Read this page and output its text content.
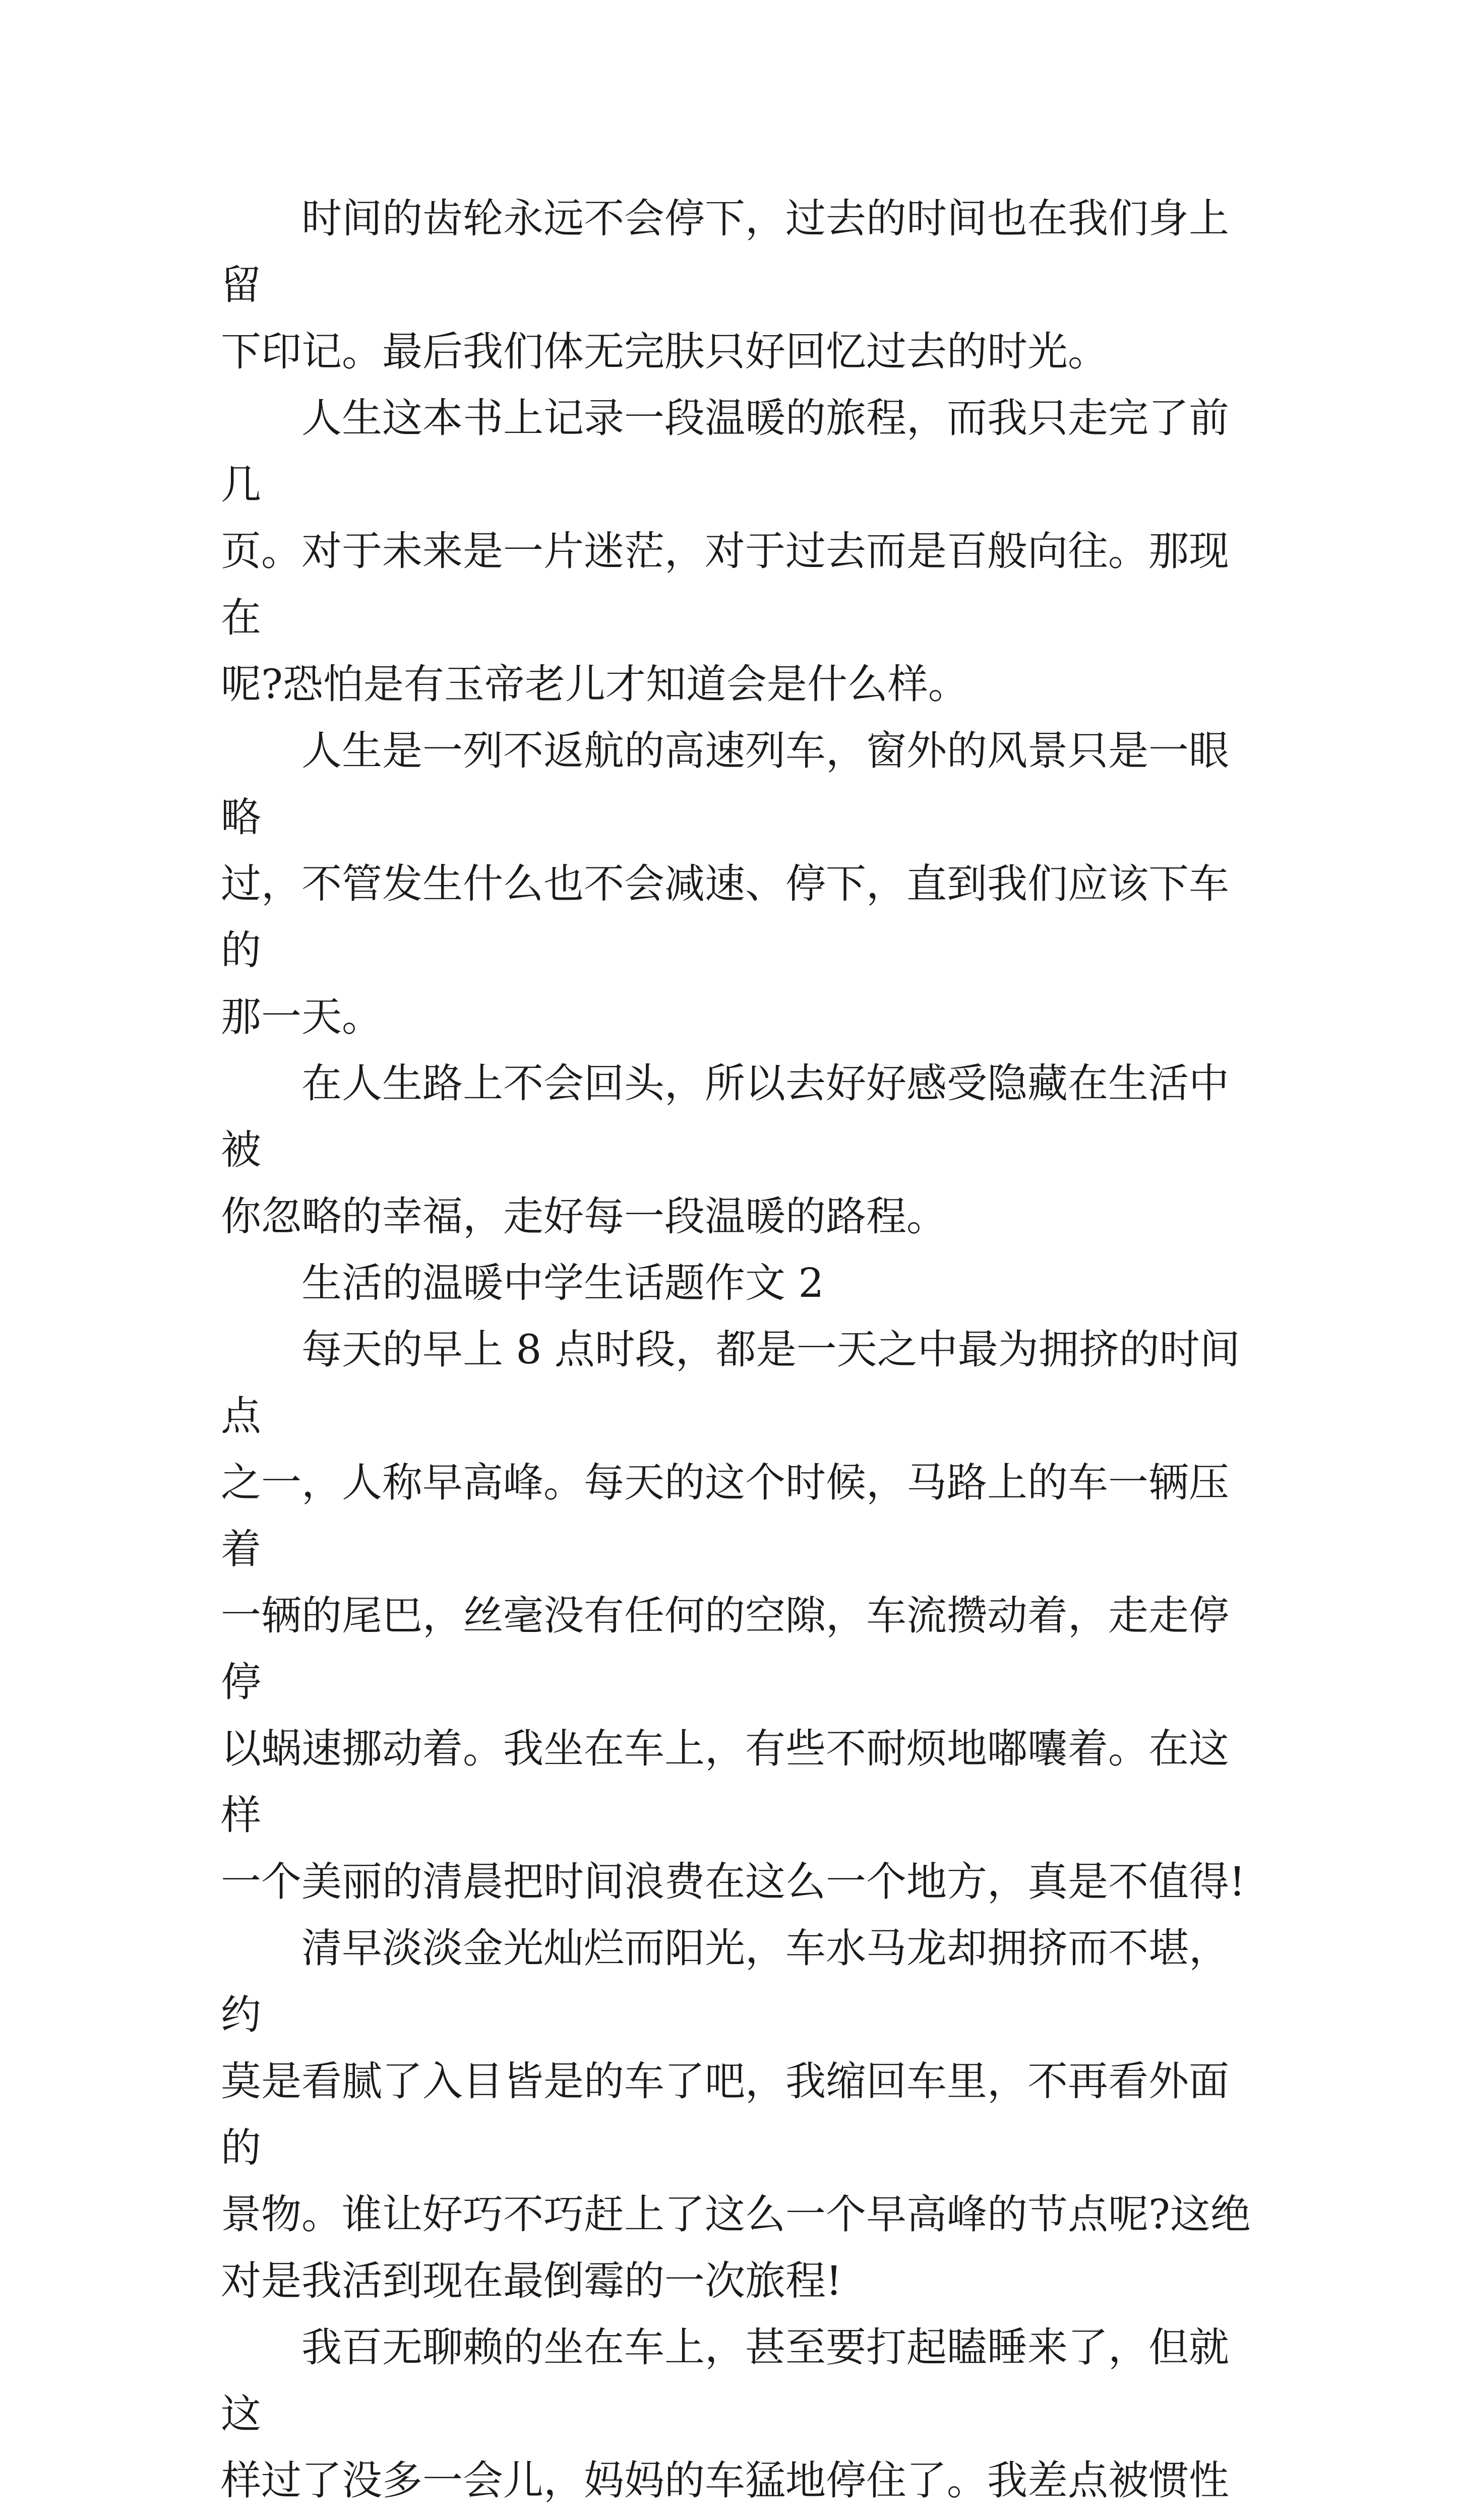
时间的齿轮永远不会停下，过去的时间也在我们身上留
下印记。最后我们体无完肤只好回忆过去的时光。

人生这本书上记录一段温暖的旅程，而我只走完了前几
页。对于未来是一片迷茫，对于过去而是百般向往。那现在
呢?恐怕是有玉帝老儿才知道会是什么样。

人生是一列不返航的高速列车，窗外的风景只是一眼略
过，不管发生什么也不会减速、停下，直到我们应该下车的
那一天。

在人生路上不会回头，所以去好好感受隐藏在生活中被
你忽略的幸福，走好每一段温暖的路程。

生活的温暖中学生话题作文 2

每天的早上 8 点时段，都是一天之中最为拥挤的时间点
之一，人称早高峰。每天的这个时候，马路上的车一辆压着
一辆的尾巴，丝毫没有任何的空隙，车流攒动着，走走停停
以蜗速挪动着。我坐在车上，有些不耐烦地嘟囔着。在这样
一个美丽的清晨把时间浪费在这么一个地方，真是不值得!

清早淡淡金光灿烂而阳光，车水马龙却拥挤而不堪，约
莫是看腻了入目皆是的车了吧，我缩回车里，不再看外面的
景物。谁让好巧不巧赶上了这么一个早高峰的节点呢?这绝
对是我活到现在最倒霉的一次旅程!

我百无聊赖的坐在车上，甚至要打起瞌睡来了，但就这
样过了没多一会儿，妈妈的车猛地停住了。我差点被惯性
